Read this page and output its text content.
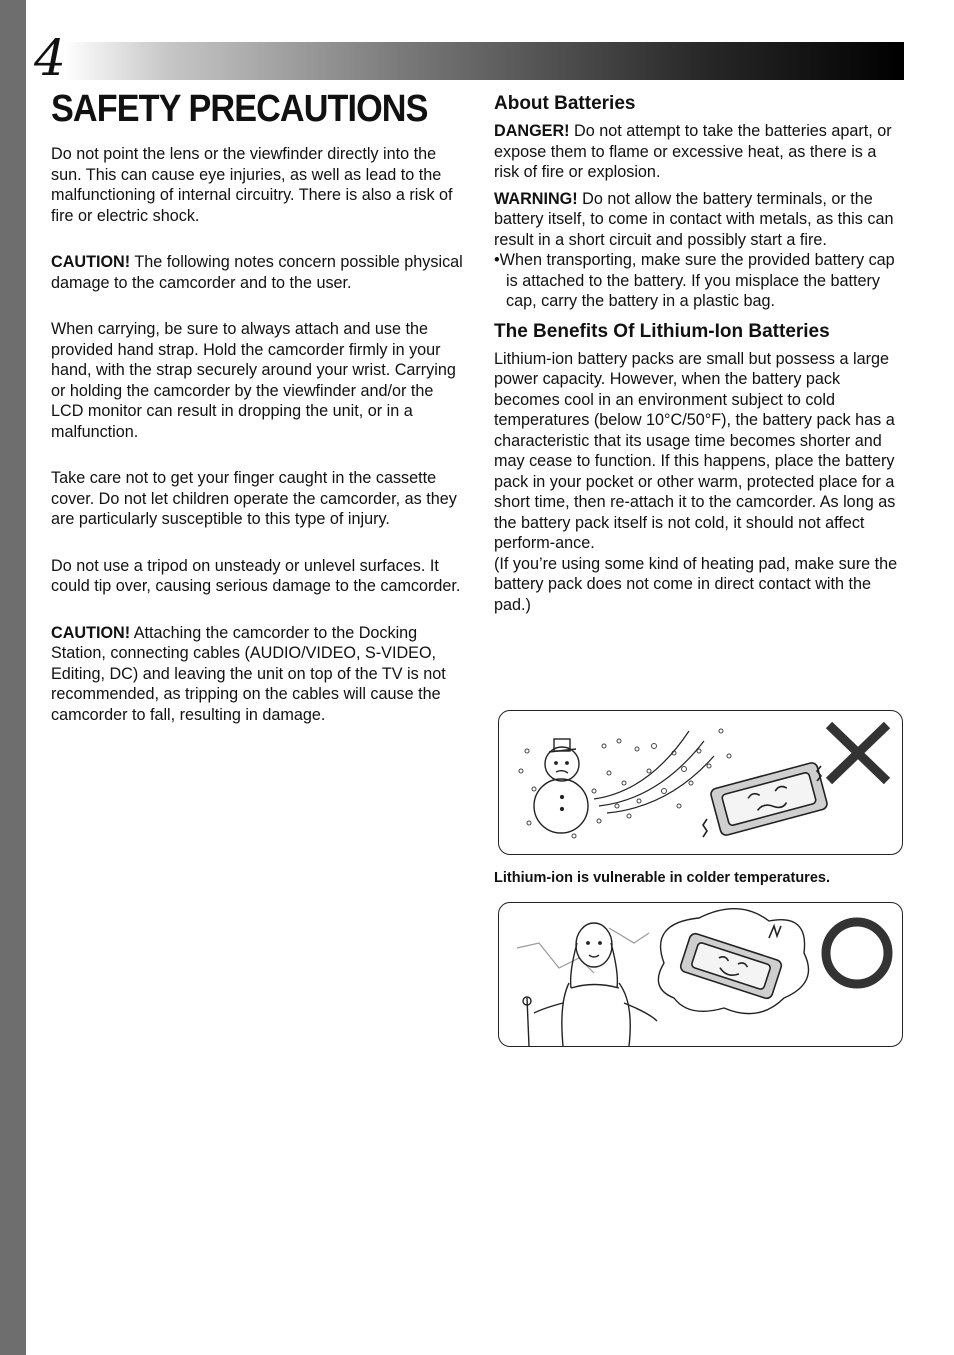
4
SAFETY PRECAUTIONS

Do not point the lens or the viewfinder directly into the sun. This can cause eye injuries, as well as lead to the malfunctioning of internal circuitry. There is also a risk of fire or electric shock.

CAUTION! The following notes concern possible physical damage to the camcorder and to the user.

When carrying, be sure to always attach and use the provided hand strap. Hold the camcorder firmly in your hand, with the strap securely around your wrist. Carrying or holding the camcorder by the viewfinder and/or the LCD monitor can result in dropping the unit, or in a malfunction.

Take care not to get your finger caught in the cassette cover. Do not let children operate the camcorder, as they are particularly susceptible to this type of injury.

Do not use a tripod on unsteady or unlevel surfaces. It could tip over, causing serious damage to the camcorder.

CAUTION! Attaching the camcorder to the Docking Station, connecting cables (AUDIO/VIDEO, S-VIDEO, Editing, DC) and leaving the unit on top of the TV is not recommended, as tripping on the cables will cause the camcorder to fall, resulting in damage.

About Batteries

DANGER! Do not attempt to take the batteries apart, or expose them to flame or excessive heat, as there is a risk of fire or explosion.

WARNING! Do not allow the battery terminals, or the battery itself, to come in contact with metals, as this can result in a short circuit and possibly start a fire.

•When transporting, make sure the provided battery cap is attached to the battery. If you misplace the battery cap, carry the battery in a plastic bag.

The Benefits Of Lithium-Ion Batteries

Lithium-ion battery packs are small but possess a large power capacity. However, when the battery pack becomes cool in an environment subject to cold temperatures (below 10°C/50°F), the battery pack has a characteristic that its usage time becomes shorter and may cease to function. If this happens, place the battery pack in your pocket or other warm, protected place for a short time, then re-attach it to the camcorder. As long as the battery pack itself is not cold, it should not affect perform-ance.

(If you’re using some kind of heating pad, make sure the battery pack does not come in direct contact with the pad.)

Lithium-ion is vulnerable in colder temperatures.
